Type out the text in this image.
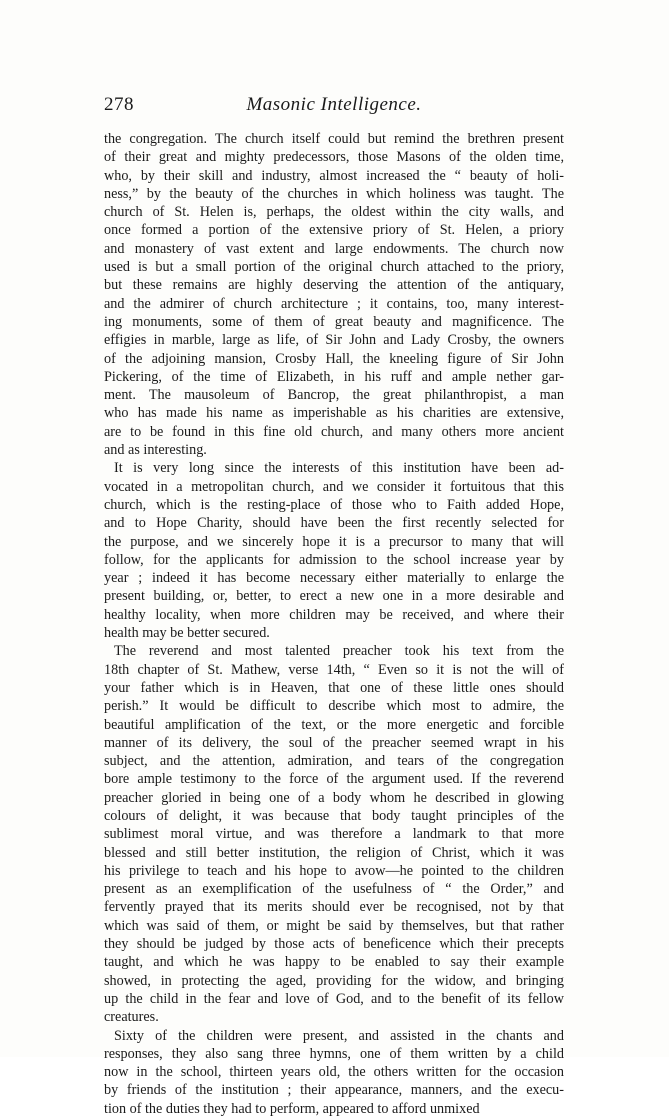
278	Masonic Intelligence.
the congregation. The church itself could but remind the brethren present
of their great and mighty predecessors, those Masons of the olden time,
who, by their skill and industry, almost increased the “ beauty of holi-
ness,” by the beauty of the churches in which holiness was taught. The
church of St. Helen is, perhaps, the oldest within the city walls, and
once formed a portion of the extensive priory of St. Helen, a priory
and monastery of vast extent and large endowments. The church now
used is but a small portion of the original church attached to the priory,
but these remains are highly deserving the attention of the antiquary,
and the admirer of church architecture ; it contains, too, many interest-
ing monuments, some of them of great beauty and magnificence. The
effigies in marble, large as life, of Sir John and Lady Crosby, the owners
of the adjoining mansion, Crosby Hall, the kneeling figure of Sir John
Pickering, of the time of Elizabeth, in his ruff and ample nether gar-
ment. The mausoleum of Bancrop, the great philanthropist, a man
who has made his name as imperishable as his charities are extensive,
are to be found in this fine old church, and many others more ancient
and as interesting.
It is very long since the interests of this institution have been ad-
vocated in a metropolitan church, and we consider it fortuitous that this
church, which is the resting-place of those who to Faith added Hope,
and to Hope Charity, should have been the first recently selected for
the purpose, and we sincerely hope it is a precursor to many that will
follow, for the applicants for admission to the school increase year by
year ; indeed it has become necessary either materially to enlarge the
present building, or, better, to erect a new one in a more desirable and
healthy locality, when more children may be received, and where their
health may be better secured.
The reverend and most talented preacher took his text from the
18th chapter of St. Mathew, verse 14th, “ Even so it is not the will of
your father which is in Heaven, that one of these little ones should
perish.” It would be difficult to describe which most to admire, the
beautiful amplification of the text, or the more energetic and forcible
manner of its delivery, the soul of the preacher seemed wrapt in his
subject, and the attention, admiration, and tears of the congregation
bore ample testimony to the force of the argument used. If the reverend
preacher gloried in being one of a body whom he described in glowing
colours of delight, it was because that body taught principles of the
sublimest moral virtue, and was therefore a landmark to that more
blessed and still better institution, the religion of Christ, which it was
his privilege to teach and his hope to avow—he pointed to the children
present as an exemplification of the usefulness of “ the Order,” and
fervently prayed that its merits should ever be recognised, not by that
which was said of them, or might be said by themselves, but that rather
they should be judged by those acts of beneficence which their precepts
taught, and which he was happy to be enabled to say their example
showed, in protecting the aged, providing for the widow, and bringing
up the child in the fear and love of God, and to the benefit of its fellow
creatures.
Sixty of the children were present, and assisted in the chants and
responses, they also sang three hymns, one of them written by a child
now in the school, thirteen years old, the others written for the occasion
by friends of the institution ; their appearance, manners, and the execu-
tion of the duties they had to perform, appeared to afford unmixed
